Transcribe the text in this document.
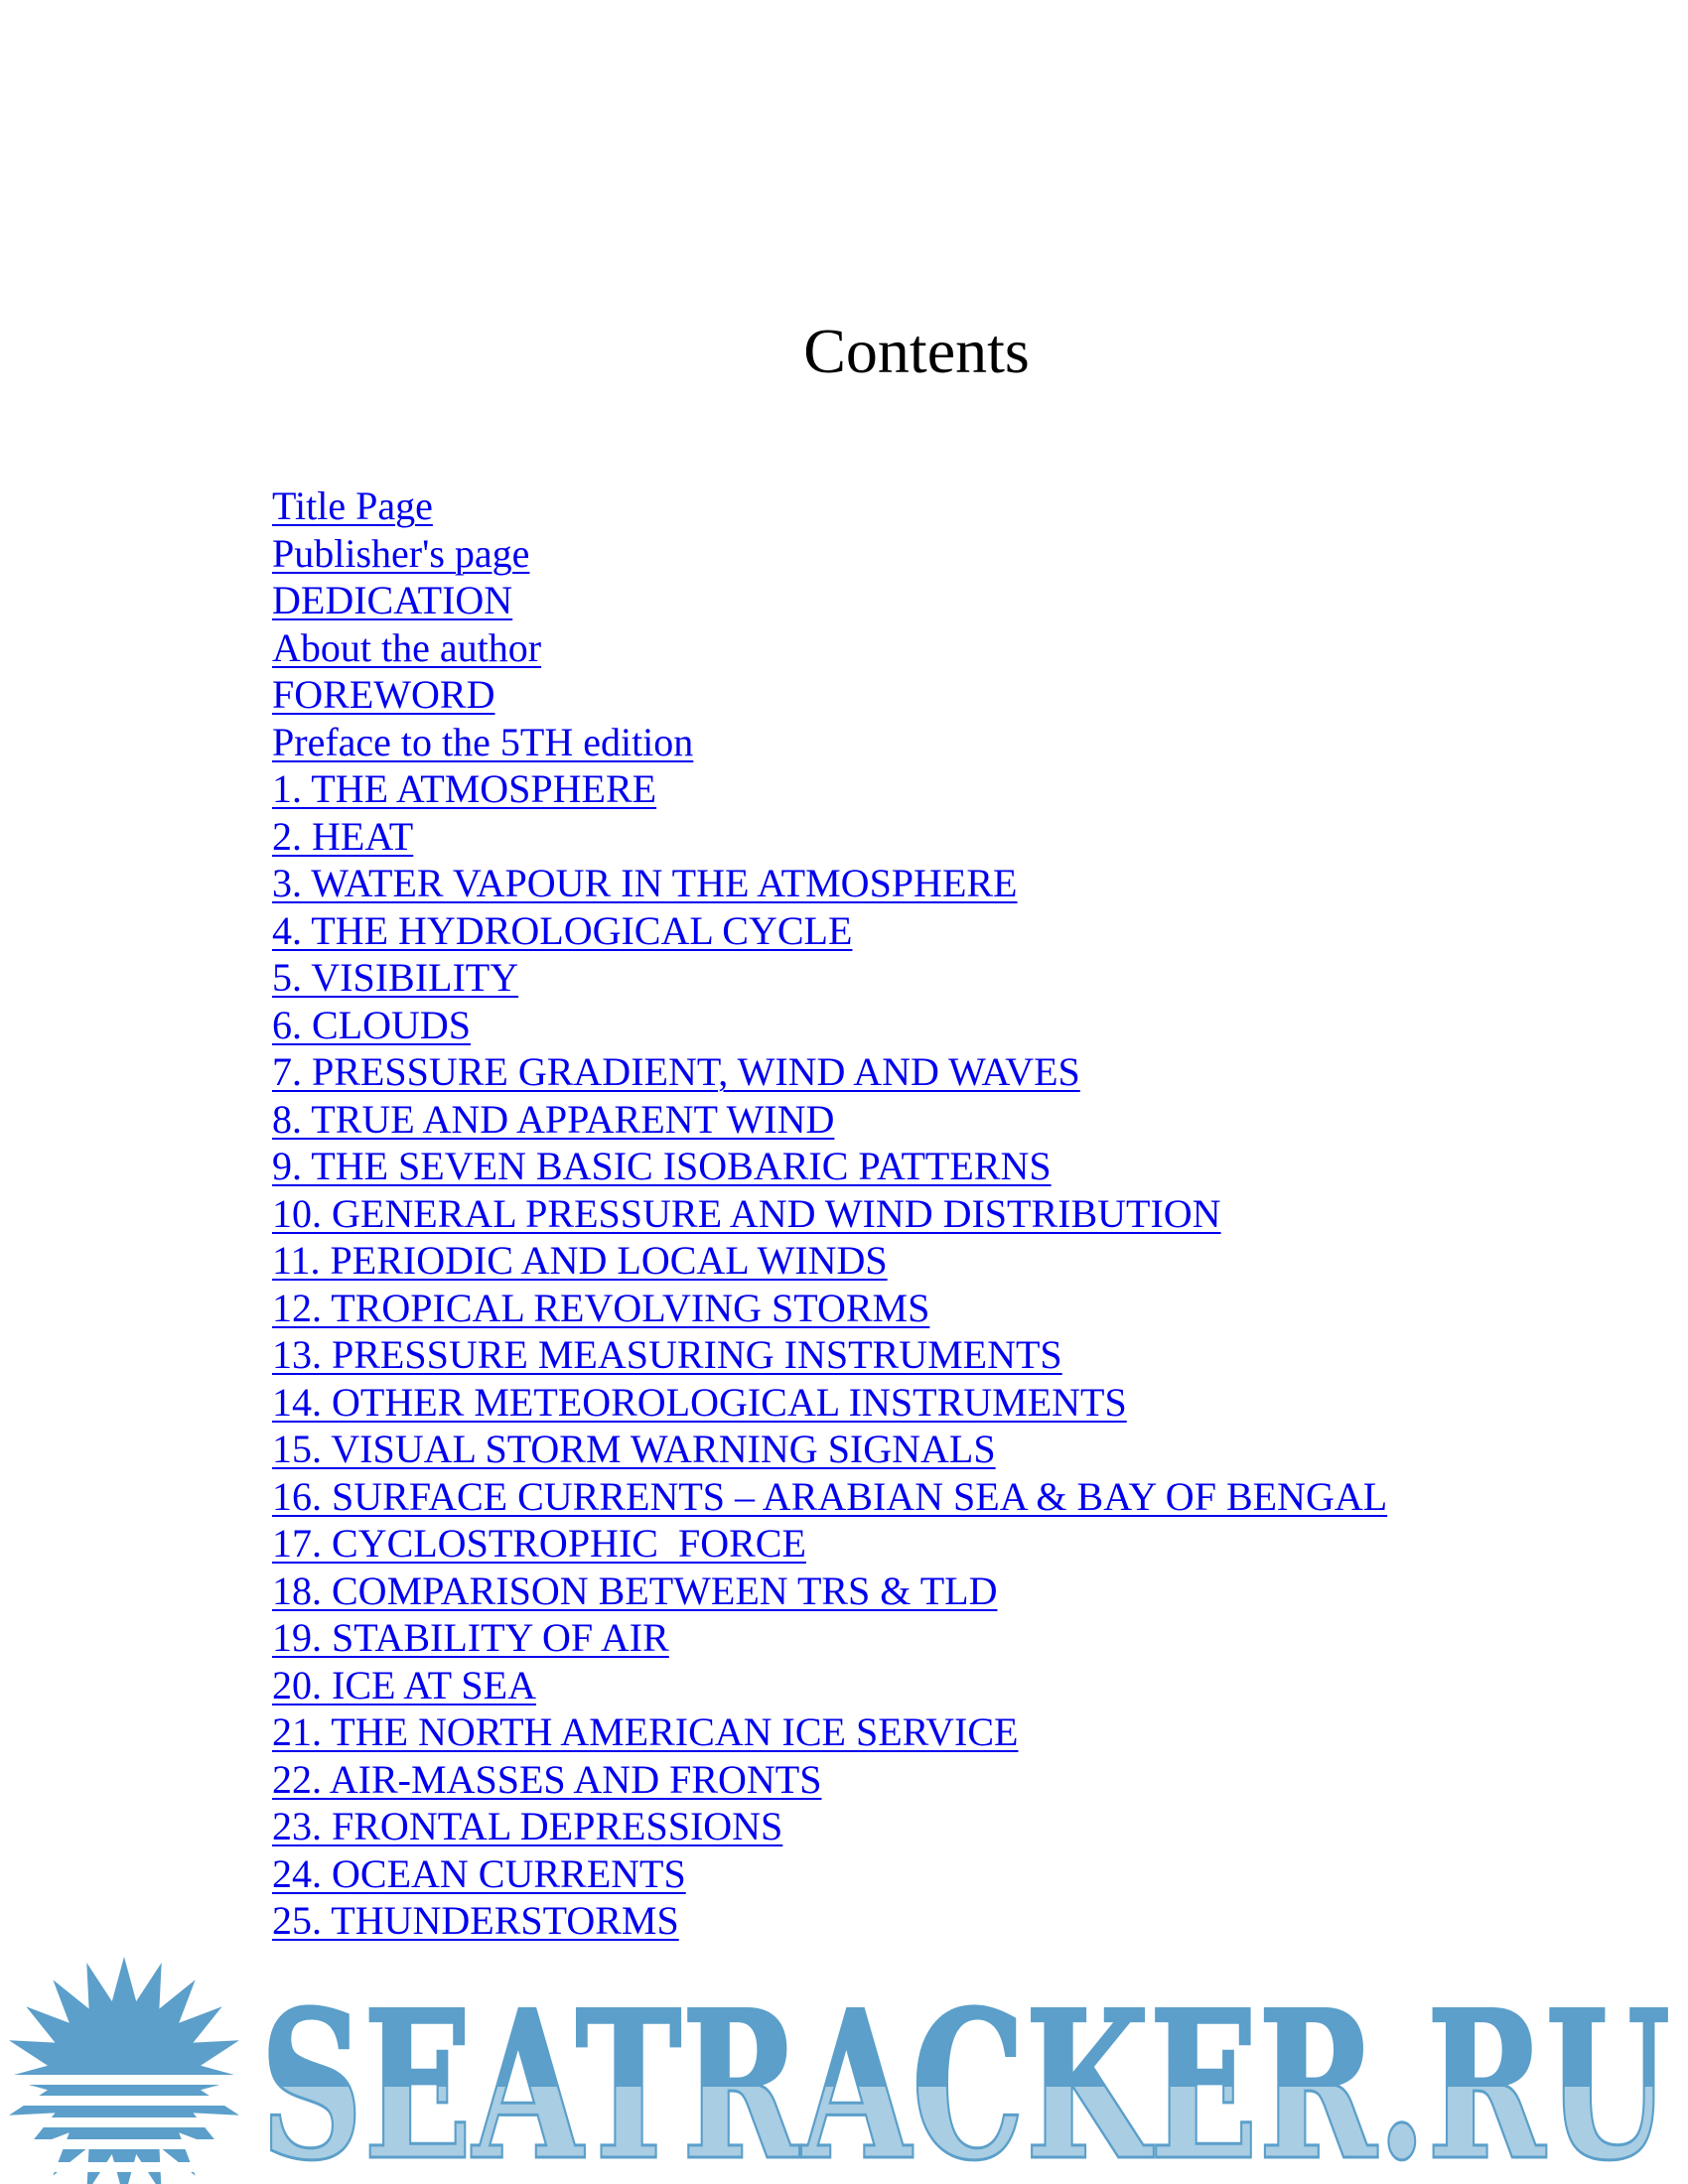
Contents
Title Page
Publisher's page
DEDICATION
About the author
FOREWORD
Preface to the 5TH edition
1. THE ATMOSPHERE
2. HEAT
3. WATER VAPOUR IN THE ATMOSPHERE
4. THE HYDROLOGICAL CYCLE
5. VISIBILITY
6. CLOUDS
7. PRESSURE GRADIENT, WIND AND WAVES
8. TRUE AND APPARENT WIND
9. THE SEVEN BASIC ISOBARIC PATTERNS
10. GENERAL PRESSURE AND WIND DISTRIBUTION
11. PERIODIC AND LOCAL WINDS
12. TROPICAL REVOLVING STORMS
13. PRESSURE MEASURING INSTRUMENTS
14. OTHER METEOROLOGICAL INSTRUMENTS
15. VISUAL STORM WARNING SIGNALS
16. SURFACE CURRENTS – ARABIAN SEA & BAY OF BENGAL
17. CYCLOSTROPHIC  FORCE
18. COMPARISON BETWEEN TRS & TLD
19. STABILITY OF AIR
20. ICE AT SEA
21. THE NORTH AMERICAN ICE SERVICE
22. AIR-MASSES AND FRONTS
23. FRONTAL DEPRESSIONS
24. OCEAN CURRENTS
25. THUNDERSTORMS
SEATRACKER.RU
